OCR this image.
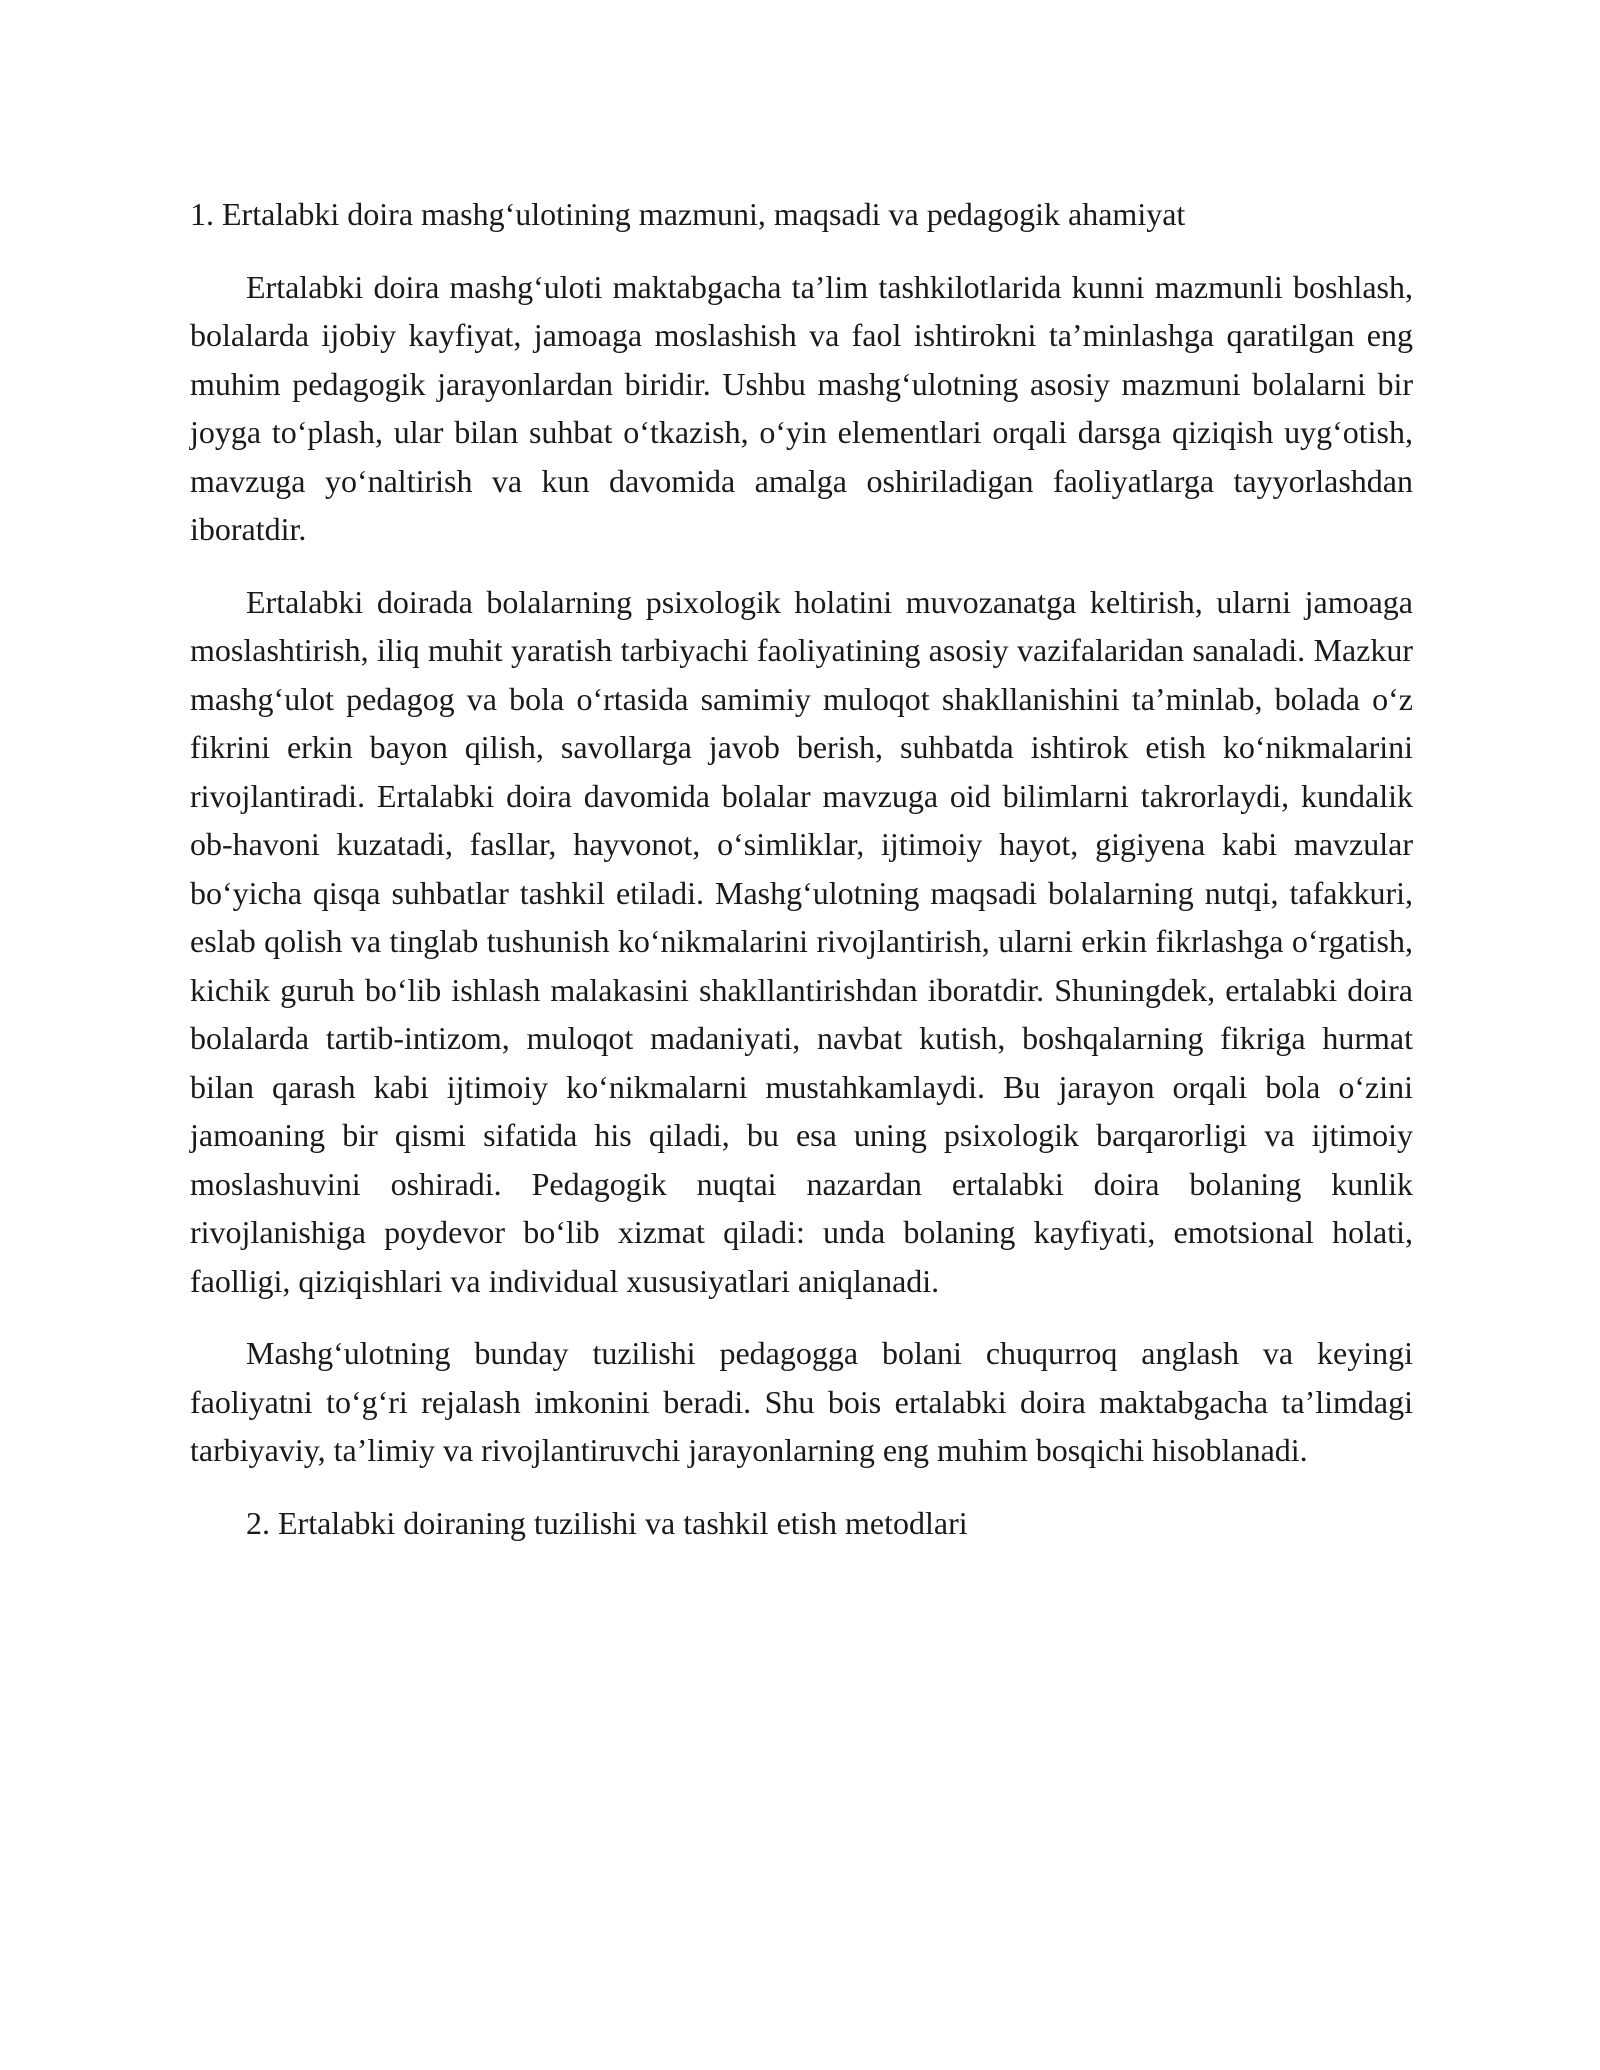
1. Ertalabki doira mashg‘ulotining mazmuni, maqsadi va pedagogik ahamiyat

Ertalabki doira mashg‘uloti maktabgacha ta’lim tashkilotlarida kunni mazmunli boshlash, bolalarda ijobiy kayfiyat, jamoaga moslashish va faol ishtirokni ta’minlashga qaratilgan eng muhim pedagogik jarayonlardan biridir. Ushbu mashg‘ulotning asosiy mazmuni bolalarni bir joyga to‘plash, ular bilan suhbat o‘tkazish, o‘yin elementlari orqali darsga qiziqish uyg‘otish, mavzuga yo‘naltirish va kun davomida amalga oshiriladigan faoliyatlarga tayyorlashdan iboratdir.

Ertalabki doirada bolalarning psixologik holatini muvozanatga keltirish, ularni jamoaga moslashtirish, iliq muhit yaratish tarbiyachi faoliyatining asosiy vazifalaridan sanaladi. Mazkur mashg‘ulot pedagog va bola o‘rtasida samimiy muloqot shakllanishini ta’minlab, bolada o‘z fikrini erkin bayon qilish, savollarga javob berish, suhbatda ishtirok etish ko‘nikmalarini rivojlantiradi. Ertalabki doira davomida bolalar mavzuga oid bilimlarni takrorlaydi, kundalik ob-havoni kuzatadi, fasllar, hayvonot, o‘simliklar, ijtimoiy hayot, gigiyena kabi mavzular bo‘yicha qisqa suhbatlar tashkil etiladi. Mashg‘ulotning maqsadi bolalarning nutqi, tafakkuri, eslab qolish va tinglab tushunish ko‘nikmalarini rivojlantirish, ularni erkin fikrlashga o‘rgatish, kichik guruh bo‘lib ishlash malakasini shakllantirishdan iboratdir. Shuningdek, ertalabki doira bolalarda tartib-intizom, muloqot madaniyati, navbat kutish, boshqalarning fikriga hurmat bilan qarash kabi ijtimoiy ko‘nikmalarni mustahkamlaydi. Bu jarayon orqali bola o‘zini jamoaning bir qismi sifatida his qiladi, bu esa uning psixologik barqarorligi va ijtimoiy moslashuvini oshiradi. Pedagogik nuqtai nazardan ertalabki doira bolaning kunlik rivojlanishiga poydevor bo‘lib xizmat qiladi: unda bolaning kayfiyati, emotsional holati, faolligi, qiziqishlari va individual xususiyatlari aniqlanadi.

Mashg‘ulotning bunday tuzilishi pedagogga bolani chuqurroq anglash va keyingi faoliyatni to‘g‘ri rejalash imkonini beradi. Shu bois ertalabki doira maktabgacha ta’limdagi tarbiyaviy, ta’limiy va rivojlantiruvchi jarayonlarning eng muhim bosqichi hisoblanadi.

2. Ertalabki doiraning tuzilishi va tashkil etish metodlari
